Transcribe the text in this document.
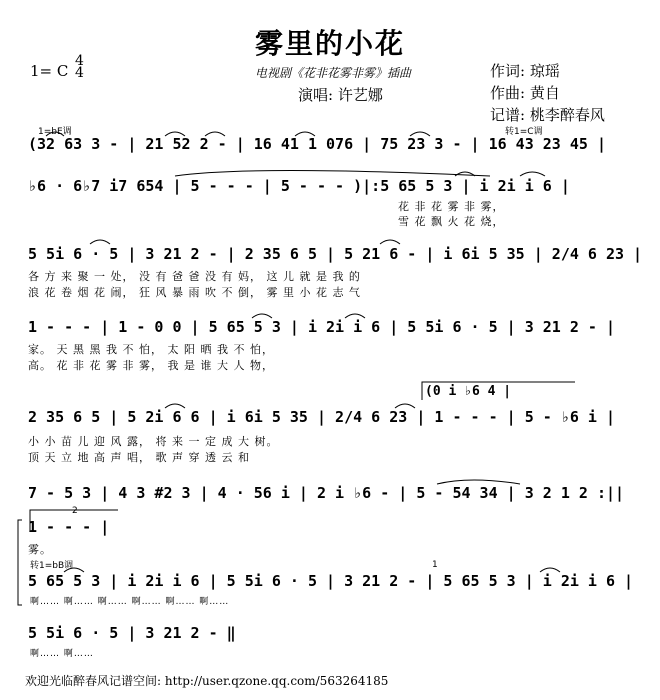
雾里的小花
1= C
4
4	电视剧《花非花雾非雾》插曲
演唱: 许艺娜
作词: 琼瑶
作曲: 黄自
记谱: 桃李醉春风
1=bE调	转1=C调
(32 63 3 - | 21 52 2 - | 16 41 1 076 | 75 23 3 - | 16 43 23 45 |
♭6 · 6♭7 i7 654 | 5 - - - | 5 - - - )|:5 65 5 3 | i 2i i 6 |
花 非 花 雾 非 雾，
雪 花 飘 火 花 烧，
5 5i 6 · 5 | 3 21 2 - | 2 35 6 5 | 5 21 6 - | i 6i 5 35 | 2/4 6 23 |
各 方 来 聚 一 处， 没 有 爸 爸 没 有 妈， 这 儿 就 是 我 的
浪 花 卷 烟 花 闹， 狂 风 暴 雨 吹 不 倒， 雾 里 小 花 志 气
1 - - - | 1 - 0 0 | 5 65 5 3 | i 2i i 6 | 5 5i 6 · 5 | 3 21 2 - |
家。 天 黑 黑 我 不 怕， 太 阳 晒 我 不 怕，
高。 花 非 花 雾 非 雾， 我 是 谁 大 人 物，
(0 i ♭6 4 |
2 35 6 5 | 5 2i 6 6 | i 6i 5 35 | 2/4 6 23 | 1 - - - | 5 - ♭6 i |
小 小 苗 儿 迎 风 露， 将 来 一 定 成 大 树。
顶 天 立 地 高 声 唱， 歌 声 穿 透 云 和
7 - 5 3 | 4 3 #2 3 | 4 · 56 i | 2 i ♭6 - | 5 - 54 34 | 3 2 1 2 :||
2
1 - - - |
雾。
转1=bB调	1
5 65 5 3 | i 2i i 6 | 5 5i 6 · 5 | 3 21 2 - | 5 65 5 3 | i 2i i 6 |
啊…… 啊…… 啊…… 啊…… 啊…… 啊……
5 5i 6 · 5 | 3 21 2 - ‖
啊…… 啊……
欢迎光临醉春风记谱空间: http://user.qzone.qq.com/563264185
